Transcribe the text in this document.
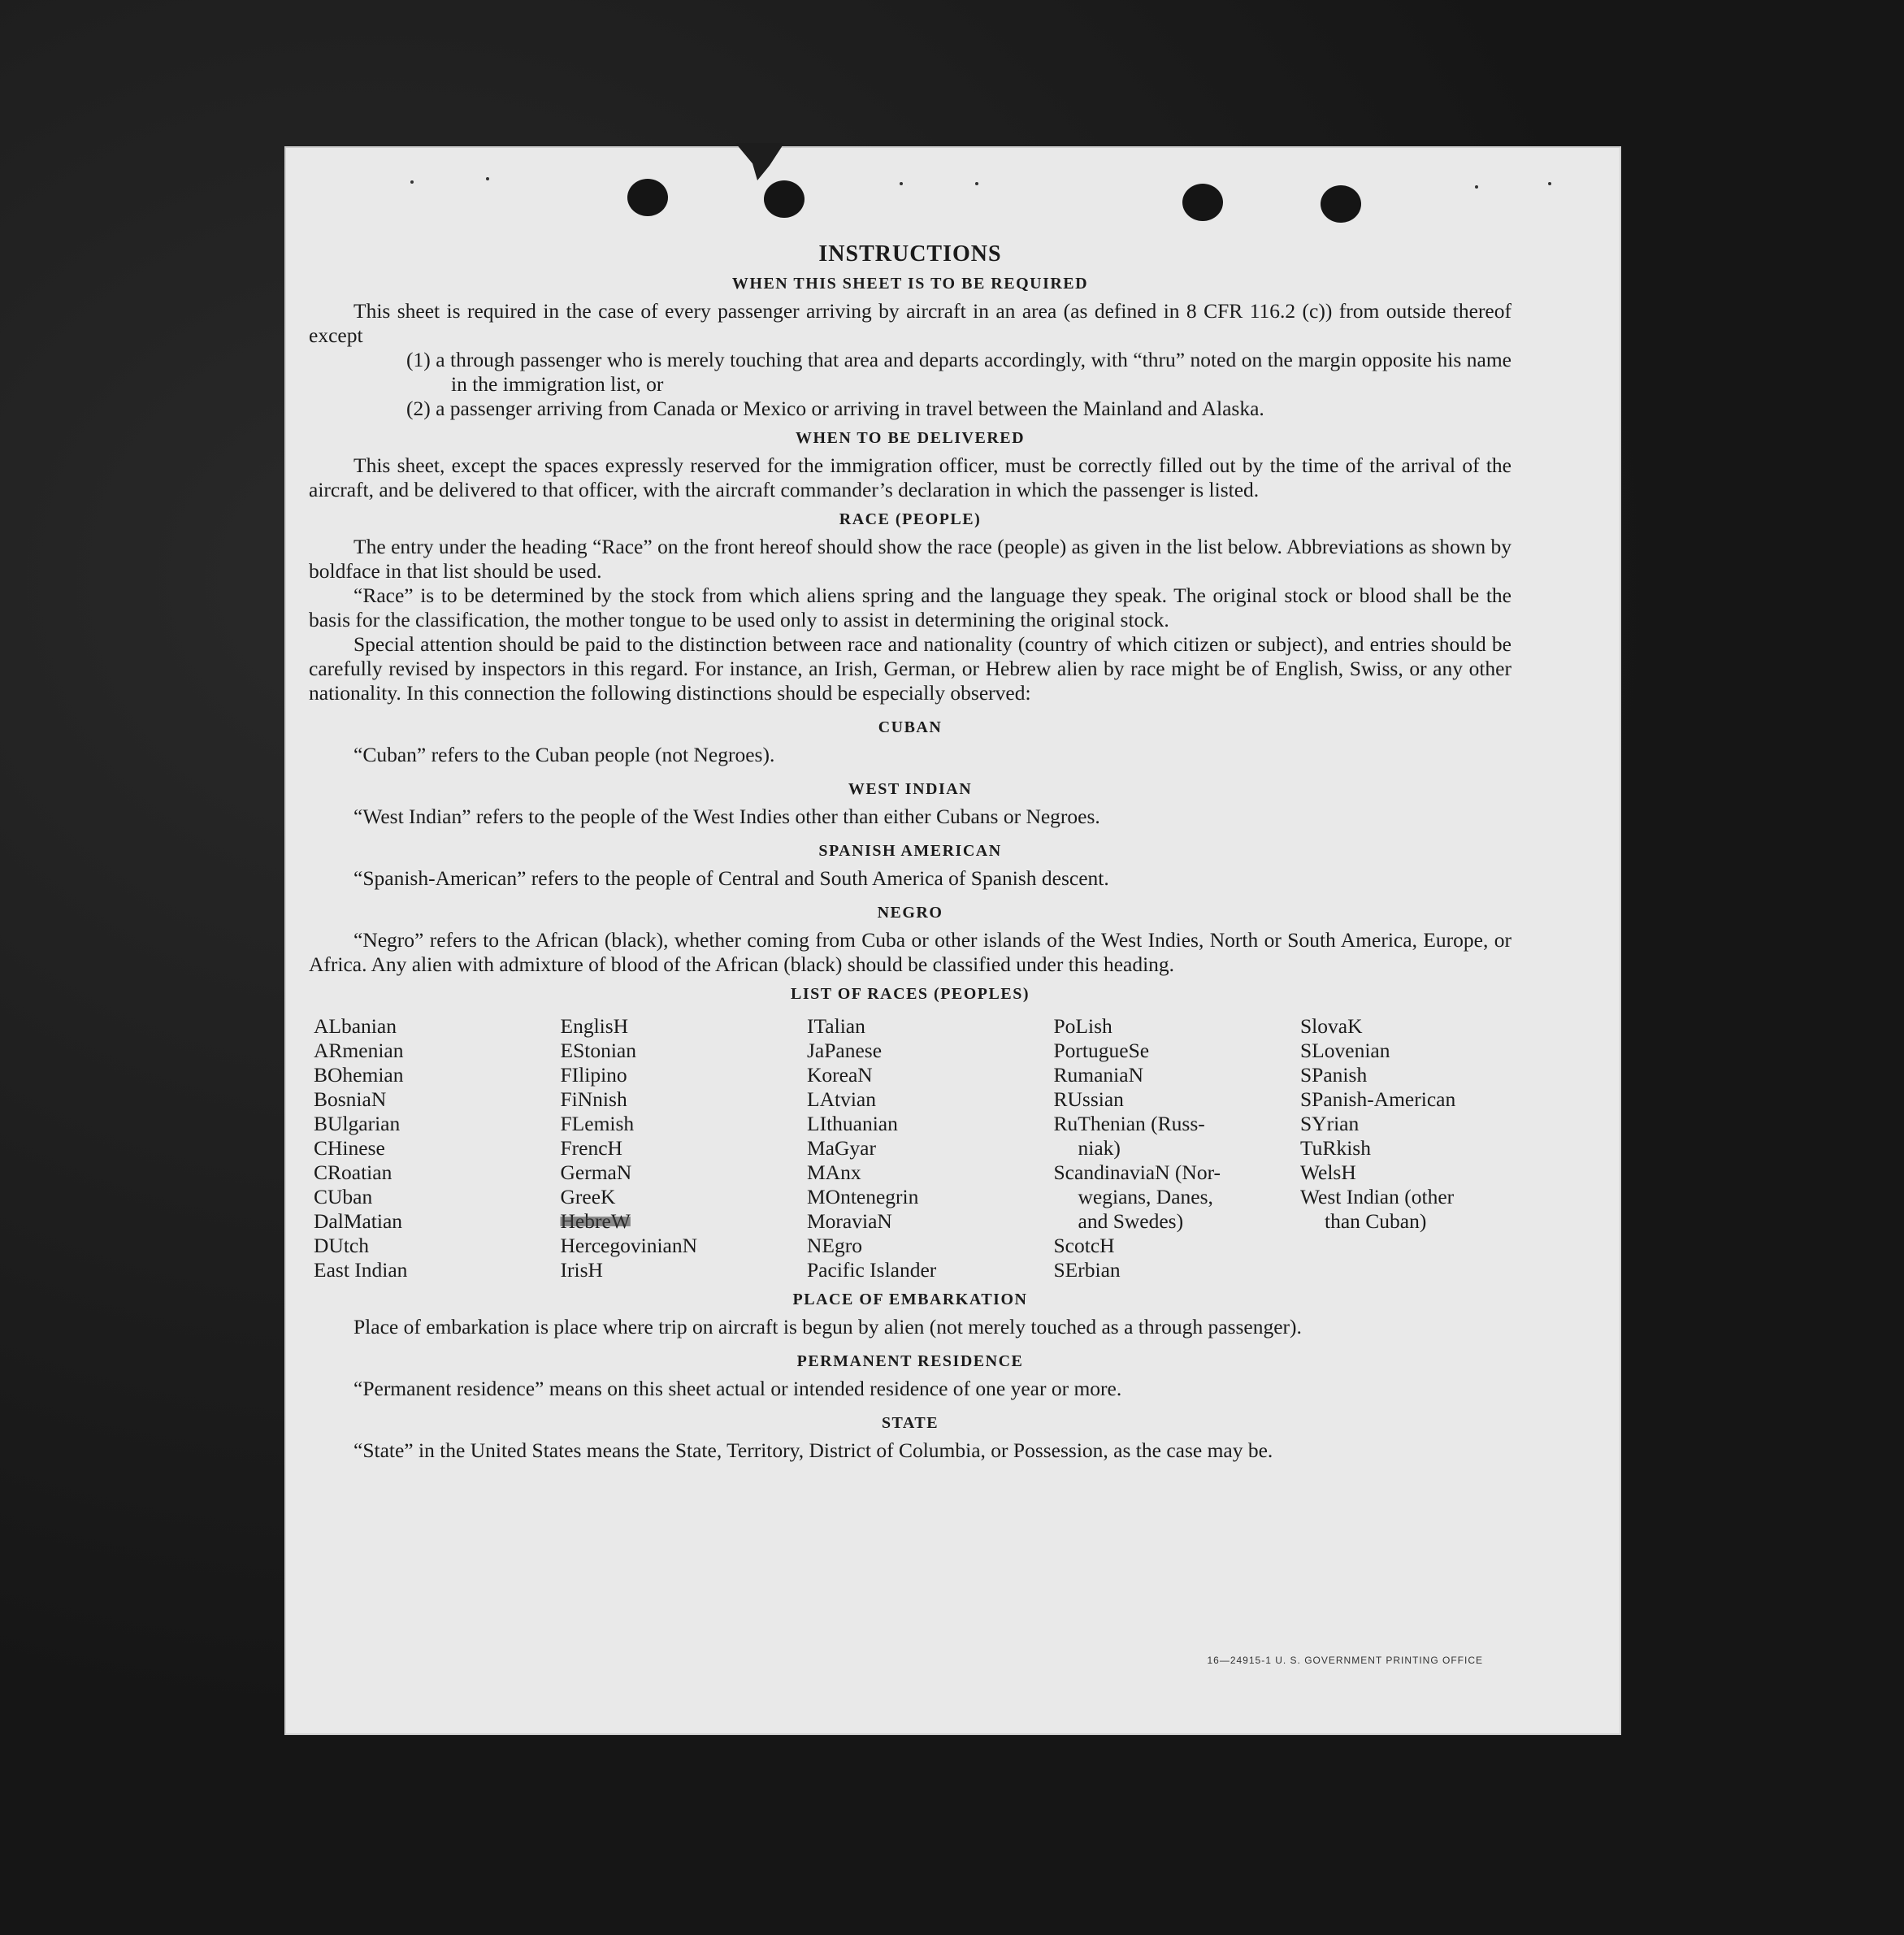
INSTRUCTIONS
WHEN THIS SHEET IS TO BE REQUIRED

This sheet is required in the case of every passenger arriving by aircraft in an area (as defined in 8 CFR 116.2 (c)) from outside thereof except

(1) a through passenger who is merely touching that area and departs accordingly, with “thru” noted on the margin opposite his name in the immigration list, or
(2) a passenger arriving from Canada or Mexico or arriving in travel between the Mainland and Alaska.
WHEN TO BE DELIVERED

This sheet, except the spaces expressly reserved for the immigration officer, must be correctly filled out by the time of the arrival of the aircraft, and be delivered to that officer, with the aircraft commander’s declaration in which the passenger is listed.

RACE (PEOPLE)

The entry under the heading “Race” on the front hereof should show the race (people) as given in the list below. Abbreviations as shown by boldface in that list should be used.

“Race” is to be determined by the stock from which aliens spring and the language they speak. The original stock or blood shall be the basis for the classification, the mother tongue to be used only to assist in determining the original stock.

Special attention should be paid to the distinction between race and nationality (country of which citizen or subject), and entries should be carefully revised by inspectors in this regard. For instance, an Irish, German, or Hebrew alien by race might be of English, Swiss, or any other nationality. In this connection the following distinctions should be especially observed:

CUBAN

“Cuban” refers to the Cuban people (not Negroes).

WEST INDIAN

“West Indian” refers to the people of the West Indies other than either Cubans or Negroes.

SPANISH AMERICAN

“Spanish-American” refers to the people of Central and South America of Spanish descent.

NEGRO

“Negro” refers to the African (black), whether coming from Cuba or other islands of the West Indies, North or South America, Europe, or Africa. Any alien with admixture of blood of the African (black) should be classified under this heading.

LIST OF RACES (PEOPLES)
ALbanian
ARmenian
BOhemian
BosniaN
BUlgarian
CHinese
CRoatian
CUban
DalMatian
DUtch
East Indian
EnglisH
EStonian
FIlipino
FiNnish
FLemish
FrencH
GermaN
GreeK
HebreW
HercegovinianN
IrisH
ITalian
JaPanese
KoreaN
LAtvian
LIthuanian
MaGyar
MAnx
MOntenegrin
MoraviaN
NEgro
Pacific Islander
PoLish
PortugueSe
RumaniaN
RUssian
RuThenian (Russ-
niak)
ScandinaviaN (Nor-
wegians, Danes,
and Swedes)
ScotcH
SErbian
SlovaK
SLovenian
SPanish
SPanish-American
SYrian
TuRkish
WelsH
West Indian (other
than Cuban)
PLACE OF EMBARKATION

Place of embarkation is place where trip on aircraft is begun by alien (not merely touched as a through passenger).

PERMANENT RESIDENCE

“Permanent residence” means on this sheet actual or intended residence of one year or more.

STATE

“State” in the United States means the State, Territory, District of Columbia, or Possession, as the case may be.

16—24915-1 U. S. GOVERNMENT PRINTING OFFICE
